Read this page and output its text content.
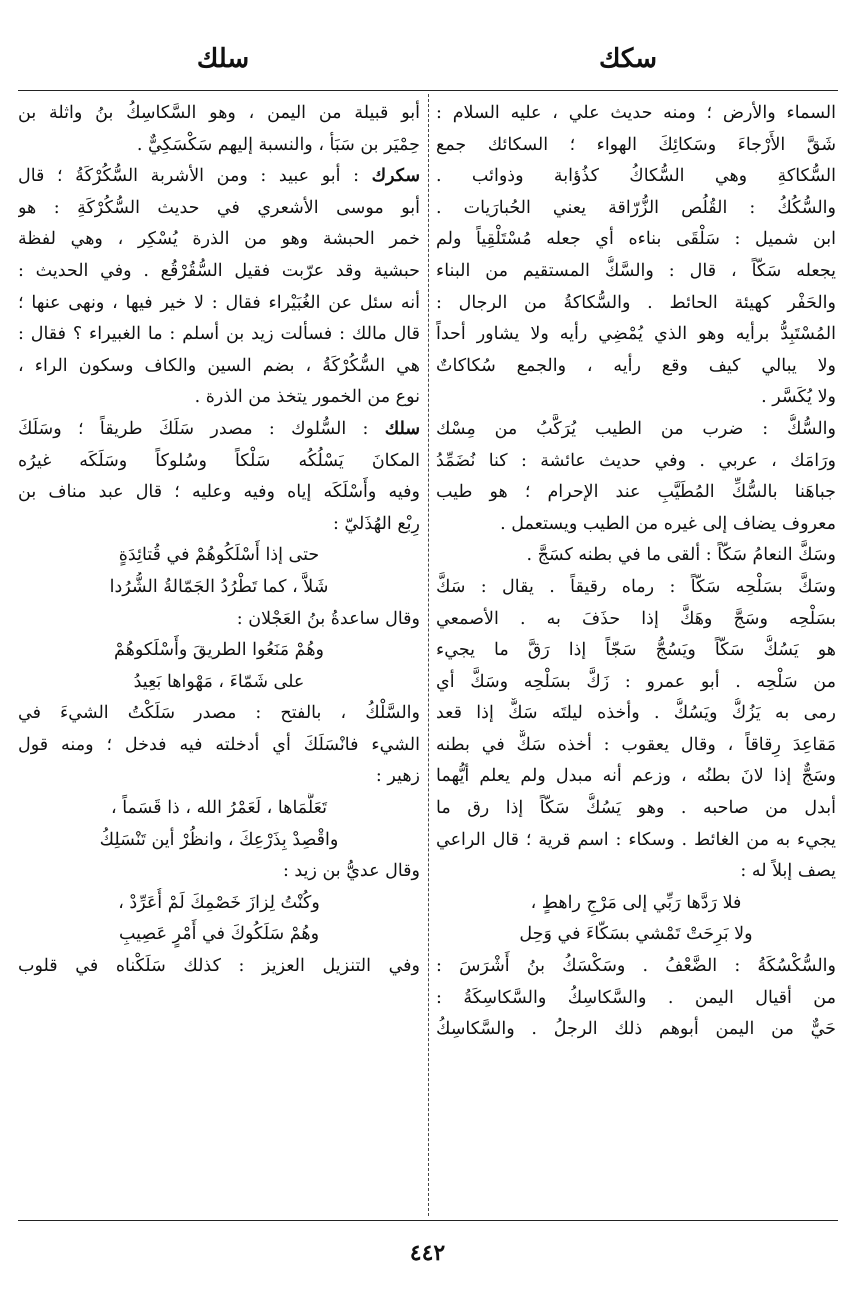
سلك	سكك
السماء والأرض ؛ ومنه حديث علي ، عليه السلام :
شَقَّ الأَرْجاءَ وسَكائِكَ الهواء ؛ السكائك جمع
السُّكاكةِ وهي السُّكاكُ كذُؤابة وذوائب .
والسُّكُكُ : القُلُص الزُّرّاقة يعني الحُبارَيات .
ابن شميل : سَلْقَى بناءه أي جعله مُسْتَلْقِياً ولم
يجعله سَكّاً ، قال : والسَّكُّ المستقيم من البناء
والحَفْر كهيئة الحائط . والسُّكاكةُ من الرجال :
المُسْتَبِدُّ برأيه وهو الذي يُمْضِي رأيه ولا يشاور أحداً
ولا يبالي كيف وقع رأيه ، والجمع سُكاكاتٌ
ولا يُكَسَّر .
والسُّكُّ : ضرب من الطيب يُرَكَّبُ من مِسْك
ورَامَك ، عربي . وفي حديث عائشة : كنا نُضَمِّدُ
جباهَنا بالسُّكِّ المُطَيَّبِ عند الإحرام ؛ هو طيب
معروف يضاف إلى غيره من الطيب ويستعمل .
وسَكَّ النعامُ سَكّاً : ألقى ما في بطنه كسَجَّ .
وسَكَّ بسَلْحِه سَكّاً : رماه رقيقاً . يقال : سَكَّ
بسَلْحِه وسَجَّ وهَكَّ إذا حذَفَ به . الأصمعي
هو يَسُكُّ سَكّاً ويَسُجُّ سَجّاً إذا رَقَّ ما يجيء
من سَلْحِه . أبو عمرو : زَكَّ بسَلْحِه وسَكَّ أي
رمى به يَزُكُّ ويَسُكُّ . وأخذه ليلتَه سَكٌّ إذا قعد
مَقاعِدَ رِقاقاً ، وقال يعقوب : أخذه سَكٌّ في بطنه
وسَجٌّ إذا لانَ بطنُه ، وزعم أنه مبدل ولم يعلم أيُّهما
أبدل من صاحبه . وهو يَسُكُّ سَكّاً إذا رق ما
يجيء به من الغائط . وسكاء : اسم قرية ؛ قال الراعي
يصف إبلاً له :
فلا رَدَّها رَبِّي إلى مَرْجِ راهطٍ ،
ولا بَرِحَتْ تَمْشي بسَكّاءَ في وَحِل
والسُّكْسُكَةُ : الضَّعْفُ . وسَكْسَكُ بنُ أَشْرَسَ :
من أقيال اليمن . والسَّكاسِكُ والسَّكاسِكَةُ :
حَيٌّ من اليمن أبوهم ذلك الرجلُ . والسَّكاسِكُ
أبو قبيلة من اليمن ، وهو السَّكاسِكُ بنُ واثلة بن
حِمْيَر بن سَبَأ ، والنسبة إليهم سَكْسَكِيٌّ .
سكرك : أبو عبيد : ومن الأشربة السُّكُرْكَةُ ؛ قال
أبو موسى الأشعري في حديث السُّكُرْكَةِ : هو
خمر الحبشة وهو من الذرة يُسْكِر ، وهي لفظة
حبشية وقد عرّبت فقيل السُّقُرْقُع . وفي الحديث :
أنه سئل عن الغُبَيْراء فقال : لا خير فيها ، ونهى عنها ؛
قال مالك : فسألت زيد بن أسلم : ما الغبيراء ؟ فقال :
هي السُّكُرْكَةُ ، بضم السين والكاف وسكون الراء ،
نوع من الخمور يتخذ من الذرة .
سلك : السُّلوك : مصدر سَلَكَ طريقاً ؛ وسَلَكَ
المكانَ يَسْلُكُه سَلْكاً وسُلوكاً وسَلَكَه غيرُه
وفيه وأَسْلَكَه إياه وفيه وعليه ؛ قال عبد مناف بن
رِبْع الهُذَليّ :
حتى إذا أَسْلَكُوهُمْ في قُتائِدَةٍ
شَلاًّ ، كما تَطْرُدُ الجَمّالةُ الشُّرُدا
وقال ساعدةُ بنُ العَجْلان :
وهُمْ مَنَعُوا الطريقَ وأَسْلَكوهُمْ
على شَمّاءَ ، مَهْواها بَعِيدُ
والسَّلْكُ ، بالفتح : مصدر سَلَكْتُ الشيءَ في
الشيء فانْسَلَكَ أي أدخلته فيه فدخل ؛ ومنه قول
زهير :
تَعَلَّمَاها ، لَعَمْرُ الله ، ذا قَسَماً ،
واقْصِدْ بِذَرْعِكَ ، وانظُرْ أين تَنْسَلِكُ
وقال عديُّ بن زيد :
وكُنْتُ لِزازَ خَصْمِكَ لَمْ أُعَرِّدْ ،
وهُمْ سَلَكُوكَ في أَمْرٍ عَصِيبِ
وفي التنزيل العزيز : كذلك سَلَكْناه في قلوب
٤٤٢
